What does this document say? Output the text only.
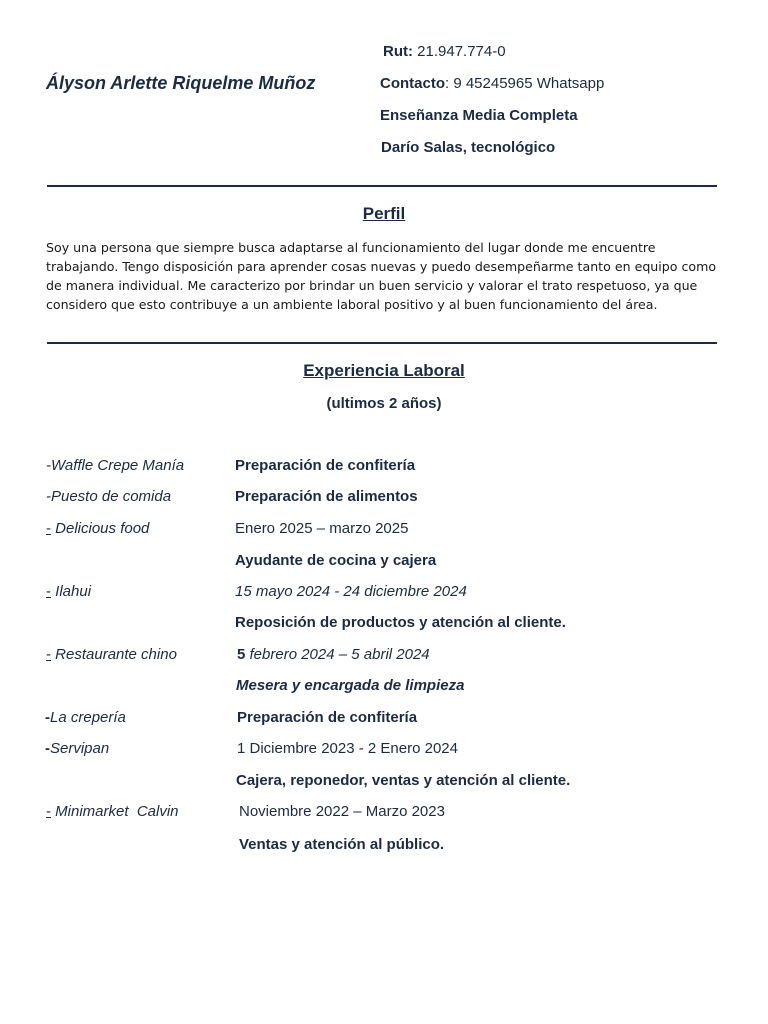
Ályson Arlette Riquelme Muñoz
Rut: 21.947.774-0
Contacto: 9 45245965 Whatsapp
Enseñanza Media Completa
Darío Salas, tecnológico
Perfil
Soy una persona que siempre busca adaptarse al funcionamiento del lugar donde me encuentre trabajando. Tengo disposición para aprender cosas nuevas y puedo desempeñarme tanto en equipo como de manera individual. Me caracterizo por brindar un buen servicio y valorar el trato respetuoso, ya que considero que esto contribuye a un ambiente laboral positivo y al buen funcionamiento del área.
Experiencia Laboral
(ultimos 2 años)
-Waffle Crepe Manía	Preparación de confitería
-Puesto de comida	Preparación de alimentos
- Delicious food	Enero 2025 – marzo 2025
Ayudante de cocina y cajera
- Ilahui	15 mayo 2024 - 24 diciembre 2024
Reposición de productos y atención al cliente.
- Restaurante chino	5 febrero 2024 – 5 abril 2024
Mesera y encargada de limpieza
-La crepería	Preparación de confitería
-Servipan	1 Diciembre 2023 - 2 Enero 2024
Cajera, reponedor, ventas y atención al cliente.
- Minimarket  Calvin	Noviembre 2022 – Marzo 2023
Ventas y atención al público.
